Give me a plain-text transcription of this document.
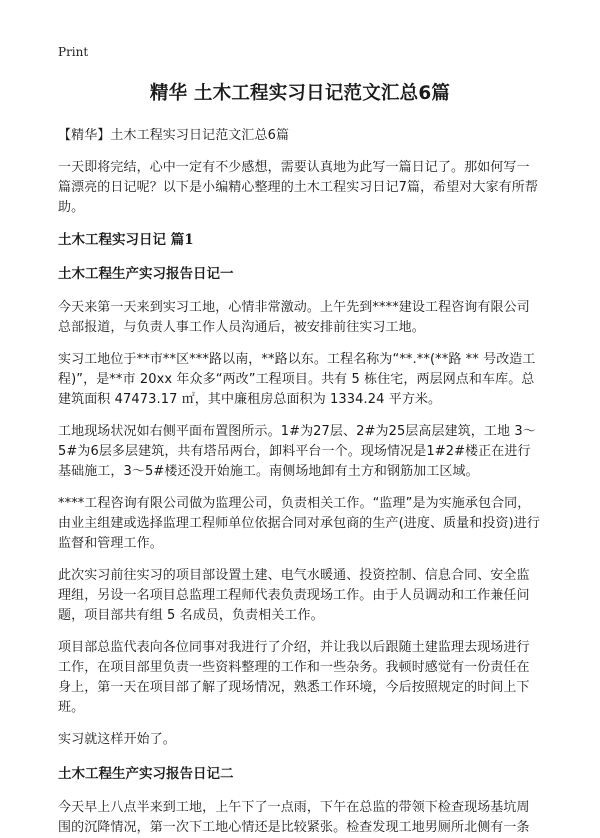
Print
精华 土木工程实习日记范文汇总6篇
【精华】土木工程实习日记范文汇总6篇
一天即将完结，心中一定有不少感想，需要认真地为此写一篇日记了。那如何写一篇漂亮的日记呢？以下是小编精心整理的土木工程实习日记7篇，希望对大家有所帮助。
土木工程实习日记 篇1
土木工程生产实习报告日记一
今天来第一天来到实习工地，心情非常激动。上午先到****建设工程咨询有限公司总部报道，与负责人事工作人员沟通后，被安排前往实习工地。
实习工地位于**市**区***路以南，**路以东。工程名称为“**.**(**路 ** 号改造工程)”，是**市 20xx 年众多“两改”工程项目。共有 5 栋住宅，两层网点和车库。总建筑面积 47473.17 ㎡，其中廉租房总面积为 1334.24 平方米。
工地现场状况如右侧平面布置图所示。1#为27层、2#为25层高层建筑，工地 3～5#为6层多层建筑，共有塔吊两台，卸料平台一个。现场情况是1#2#楼正在进行基础施工，3～5#楼还没开始施工。南侧场地卸有土方和钢筋加工区域。
****工程咨询有限公司做为监理公司，负责相关工作。“监理”是为实施承包合同，由业主组建或选择监理工程师单位依据合同对承包商的生产(进度、质量和投资)进行监督和管理工作。
此次实习前往实习的项目部设置土建、电气水暖通、投资控制、信息合同、安全监理组，另设一名项目总监理工程师代表负责现场工作。由于人员调动和工作兼任问题，项目部共有组 5 名成员，负责相关工作。
项目部总监代表向各位同事对我进行了介绍，并让我以后跟随土建监理去现场进行工作，在项目部里负责一些资料整理的工作和一些杂务。我顿时感觉有一份责任在身上，第一天在项目部了解了现场情况，熟悉工作环境，今后按照规定的时间上下班。
实习就这样开始了。
土木工程生产实习报告日记二
今天早上八点半来到工地，上午下了一点雨，下午在总监的带领下检查现场基坑周围的沉降情况，第一次下工地心情还是比较紧张。检查发现工地男厕所北侧有一条
